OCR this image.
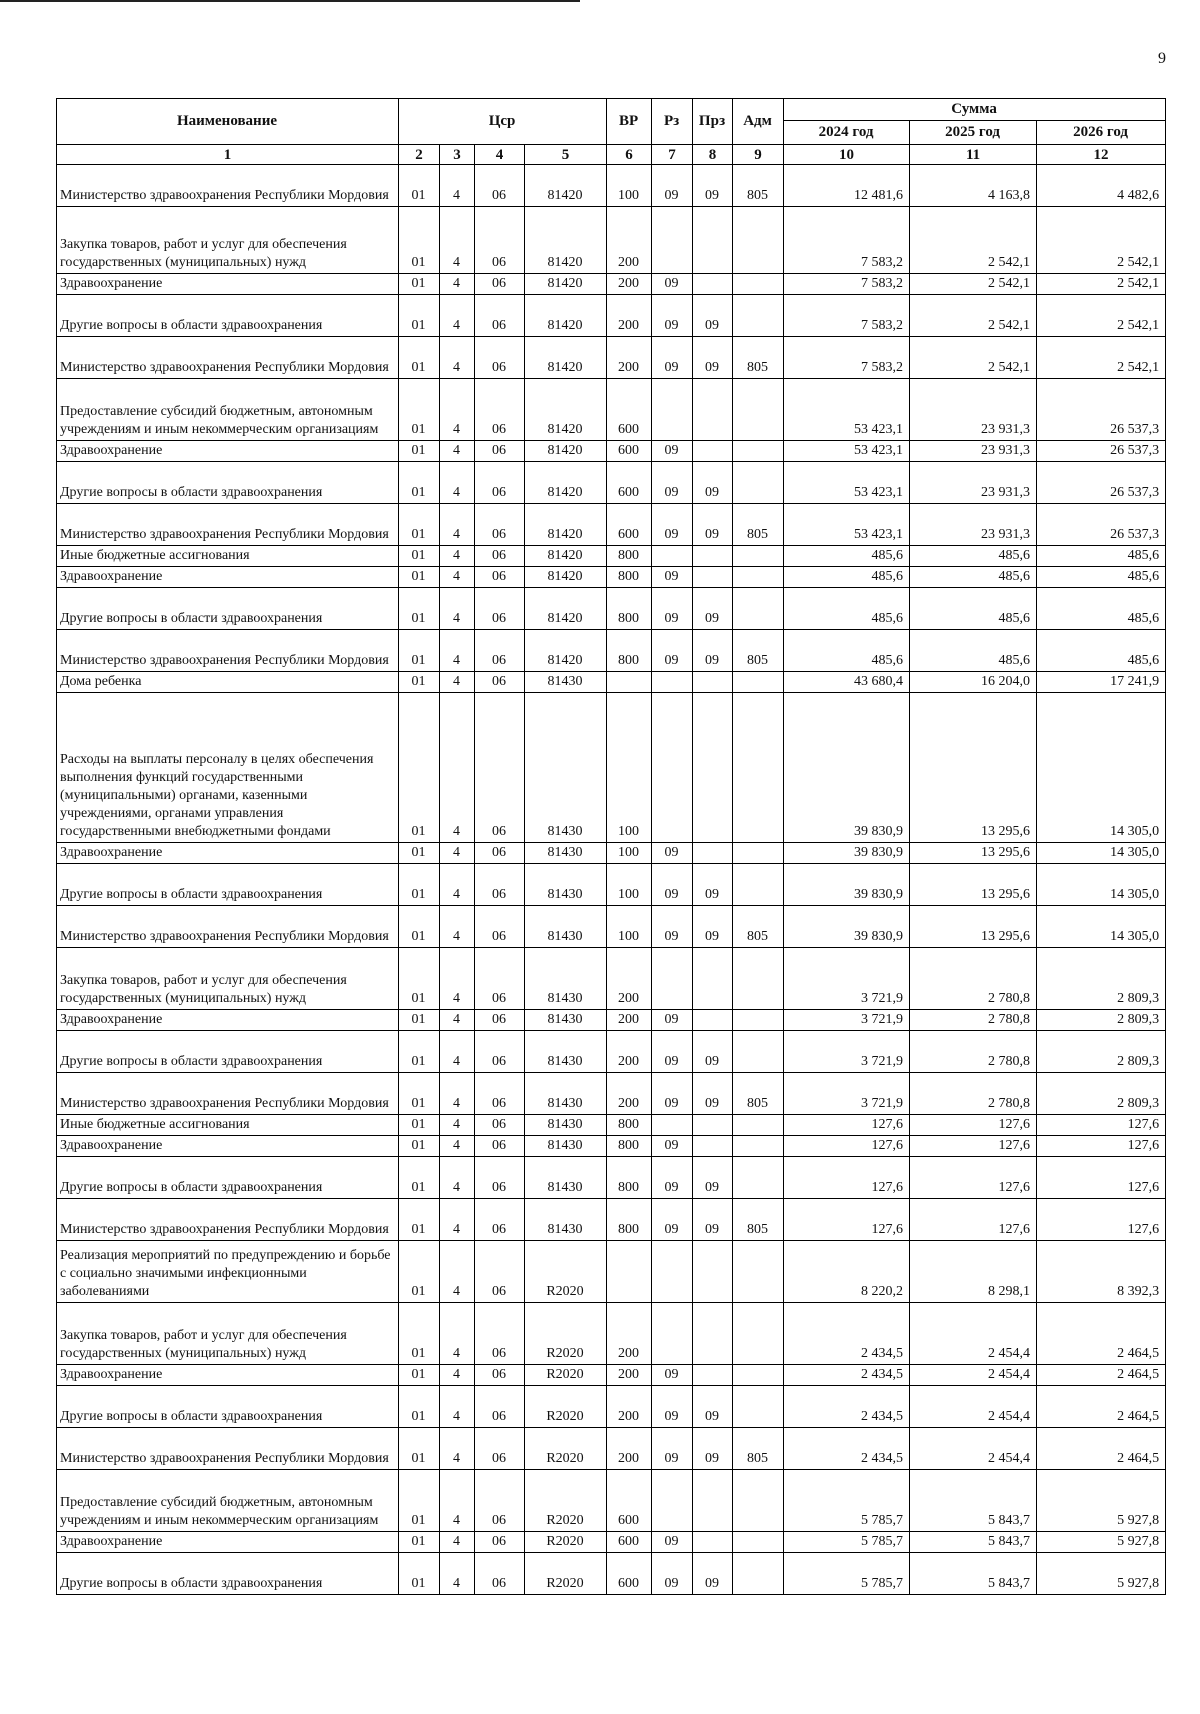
9
Наименование	Цср				ВР	Рз	Прз	Адм	Сумма		
									2024 год	2025 год	2026 год
1	2	3	4	5	6	7	8	9	10	11	12
Министерство здравоохранения Республики Мордовия	01	4	06	81420	100	09	09	805	12 481,6	4 163,8	4 482,6
Закупка товаров, работ и услуг для обеспечения государственных (муниципальных) нужд	01	4	06	81420	200				7 583,2	2 542,1	2 542,1
Здравоохранение	01	4	06	81420	200	09			7 583,2	2 542,1	2 542,1
Другие вопросы в области здравоохранения	01	4	06	81420	200	09	09		7 583,2	2 542,1	2 542,1
Министерство здравоохранения Республики Мордовия	01	4	06	81420	200	09	09	805	7 583,2	2 542,1	2 542,1
Предоставление субсидий бюджетным, автономным учреждениям и иным некоммерческим организациям	01	4	06	81420	600				53 423,1	23 931,3	26 537,3
Здравоохранение	01	4	06	81420	600	09			53 423,1	23 931,3	26 537,3
Другие вопросы в области здравоохранения	01	4	06	81420	600	09	09		53 423,1	23 931,3	26 537,3
Министерство здравоохранения Республики Мордовия	01	4	06	81420	600	09	09	805	53 423,1	23 931,3	26 537,3
Иные бюджетные ассигнования	01	4	06	81420	800				485,6	485,6	485,6
Здравоохранение	01	4	06	81420	800	09			485,6	485,6	485,6
Другие вопросы в области здравоохранения	01	4	06	81420	800	09	09		485,6	485,6	485,6
Министерство здравоохранения Республики Мордовия	01	4	06	81420	800	09	09	805	485,6	485,6	485,6
Дома ребенка	01	4	06	81430					43 680,4	16 204,0	17 241,9
Расходы на выплаты персоналу в целях обеспечения выполнения функций государственными (муниципальными) органами, казенными учреждениями, органами управления государственными внебюджетными фондами	01	4	06	81430	100				39 830,9	13 295,6	14 305,0
Здравоохранение	01	4	06	81430	100	09			39 830,9	13 295,6	14 305,0
Другие вопросы в области здравоохранения	01	4	06	81430	100	09	09		39 830,9	13 295,6	14 305,0
Министерство здравоохранения Республики Мордовия	01	4	06	81430	100	09	09	805	39 830,9	13 295,6	14 305,0
Закупка товаров, работ и услуг для обеспечения государственных (муниципальных) нужд	01	4	06	81430	200				3 721,9	2 780,8	2 809,3
Здравоохранение	01	4	06	81430	200	09			3 721,9	2 780,8	2 809,3
Другие вопросы в области здравоохранения	01	4	06	81430	200	09	09		3 721,9	2 780,8	2 809,3
Министерство здравоохранения Республики Мордовия	01	4	06	81430	200	09	09	805	3 721,9	2 780,8	2 809,3
Иные бюджетные ассигнования	01	4	06	81430	800				127,6	127,6	127,6
Здравоохранение	01	4	06	81430	800	09			127,6	127,6	127,6
Другие вопросы в области здравоохранения	01	4	06	81430	800	09	09		127,6	127,6	127,6
Министерство здравоохранения Республики Мордовия	01	4	06	81430	800	09	09	805	127,6	127,6	127,6
Реализация мероприятий по предупреждению и борьбе с социально значимыми инфекционными заболеваниями	01	4	06	R2020					8 220,2	8 298,1	8 392,3
Закупка товаров, работ и услуг для обеспечения государственных (муниципальных) нужд	01	4	06	R2020	200				2 434,5	2 454,4	2 464,5
Здравоохранение	01	4	06	R2020	200	09			2 434,5	2 454,4	2 464,5
Другие вопросы в области здравоохранения	01	4	06	R2020	200	09	09		2 434,5	2 454,4	2 464,5
Министерство здравоохранения Республики Мордовия	01	4	06	R2020	200	09	09	805	2 434,5	2 454,4	2 464,5
Предоставление субсидий бюджетным, автономным учреждениям и иным некоммерческим организациям	01	4	06	R2020	600				5 785,7	5 843,7	5 927,8
Здравоохранение	01	4	06	R2020	600	09			5 785,7	5 843,7	5 927,8
Другие вопросы в области здравоохранения	01	4	06	R2020	600	09	09		5 785,7	5 843,7	5 927,8
